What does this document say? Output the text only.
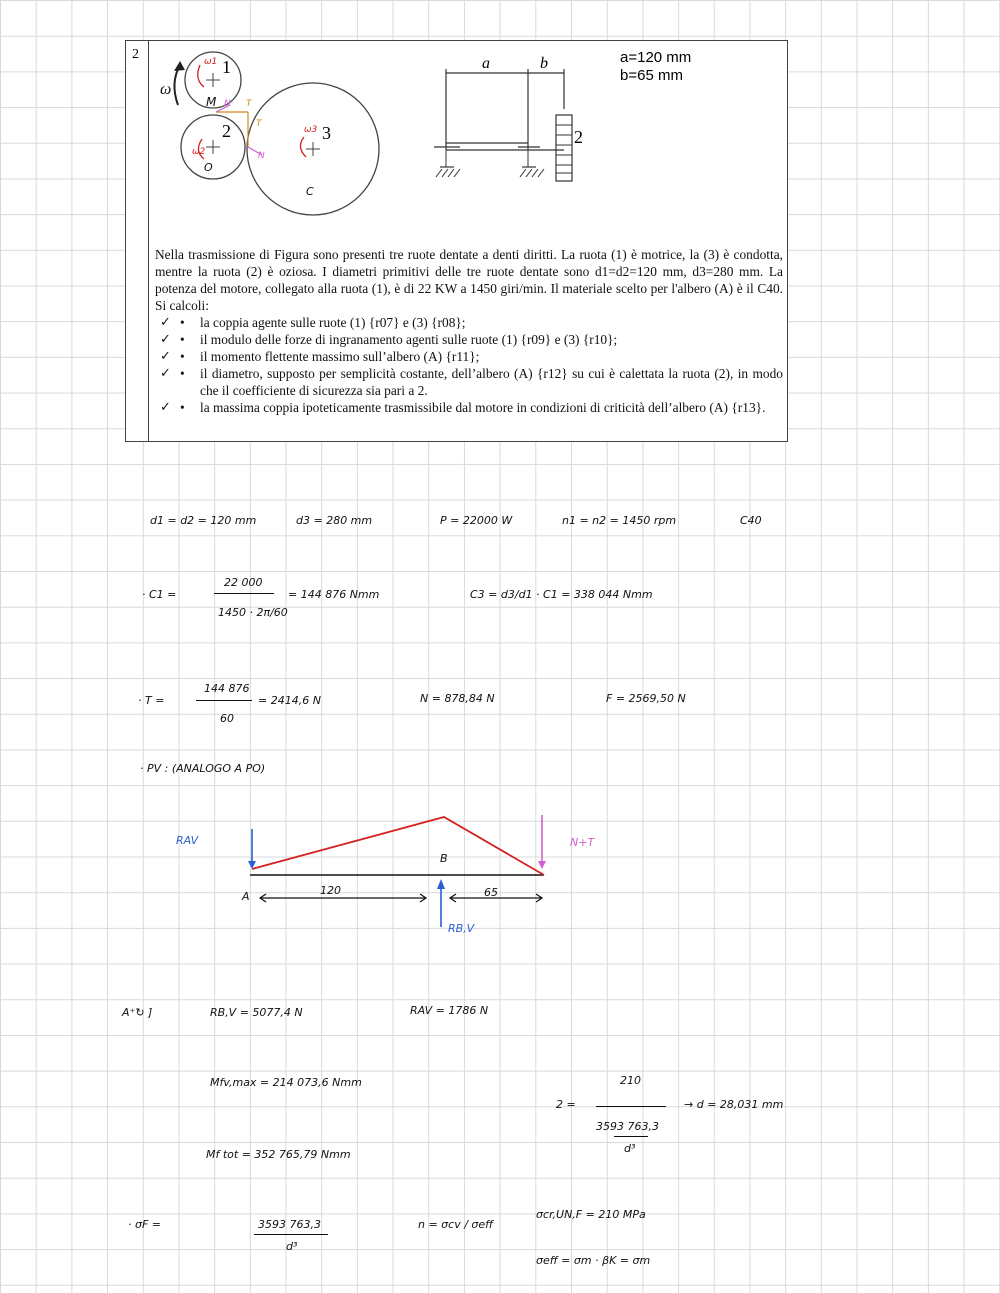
2
ω
1
2	3
ω1
ω2
ω3
M N T
T
N
O
C
a	b
2
a=120 mm
b=65 mm
Nella trasmissione di Figura sono presenti tre ruote dentate a denti diritti. La ruota (1) è motrice, la (3) è condotta, mentre la ruota (2) è oziosa. I diametri primitivi delle tre ruote dentate sono d1=d2=120 mm, d3=280 mm. La potenza del motore, collegato alla ruota (1), è di 22 KW a 1450 giri/min. Il materiale scelto per l'albero (A) è il C40. Si calcoli:
• ✓ la coppia agente sulle ruote (1) {r07} e (3) {r08};
• ✓ il modulo delle forze di ingranamento agenti sulle ruote (1) {r09} e (3) {r10};
• ✓ il momento flettente massimo sull’albero (A) {r11};
• ✓ il diametro, supposto per semplicità costante, dell’albero (A) {r12} su cui è calettata la ruota (2), in modo che il coefficiente di sicurezza sia pari a 2.
• ✓ la massima coppia ipoteticamente trasmissibile dal motore in condizioni di criticità dell’albero (A) {r13}.
d1 = d2 = 120 mm	d3 = 280 mm	P = 22000 W	n1 = n2 = 1450 rpm	C40
· C1 =
22 000
1450 · 2π/60
= 144 876 Nmm	C3 = d3/d1 · C1 = 338 044 Nmm
· T =
144 876
60
= 2414,6 N	N = 878,84 N	F = 2569,50 N
· PV : (ANALOGO A PO)
RAV	N+T
B
A	120	65
RB,V
A⁺↻ ]	RB,V = 5077,4 N	RAV = 1786 N
Mfv,max = 214 073,6 Nmm
2 =
210
3593 763,3
d³
→ d = 28,031 mm
Mf tot = 352 765,79 Nmm
· σF =	3593 763,3
d³
n = σcv / σeff
σcr,UN,F = 210 MPa
σeff = σm · βK = σm
